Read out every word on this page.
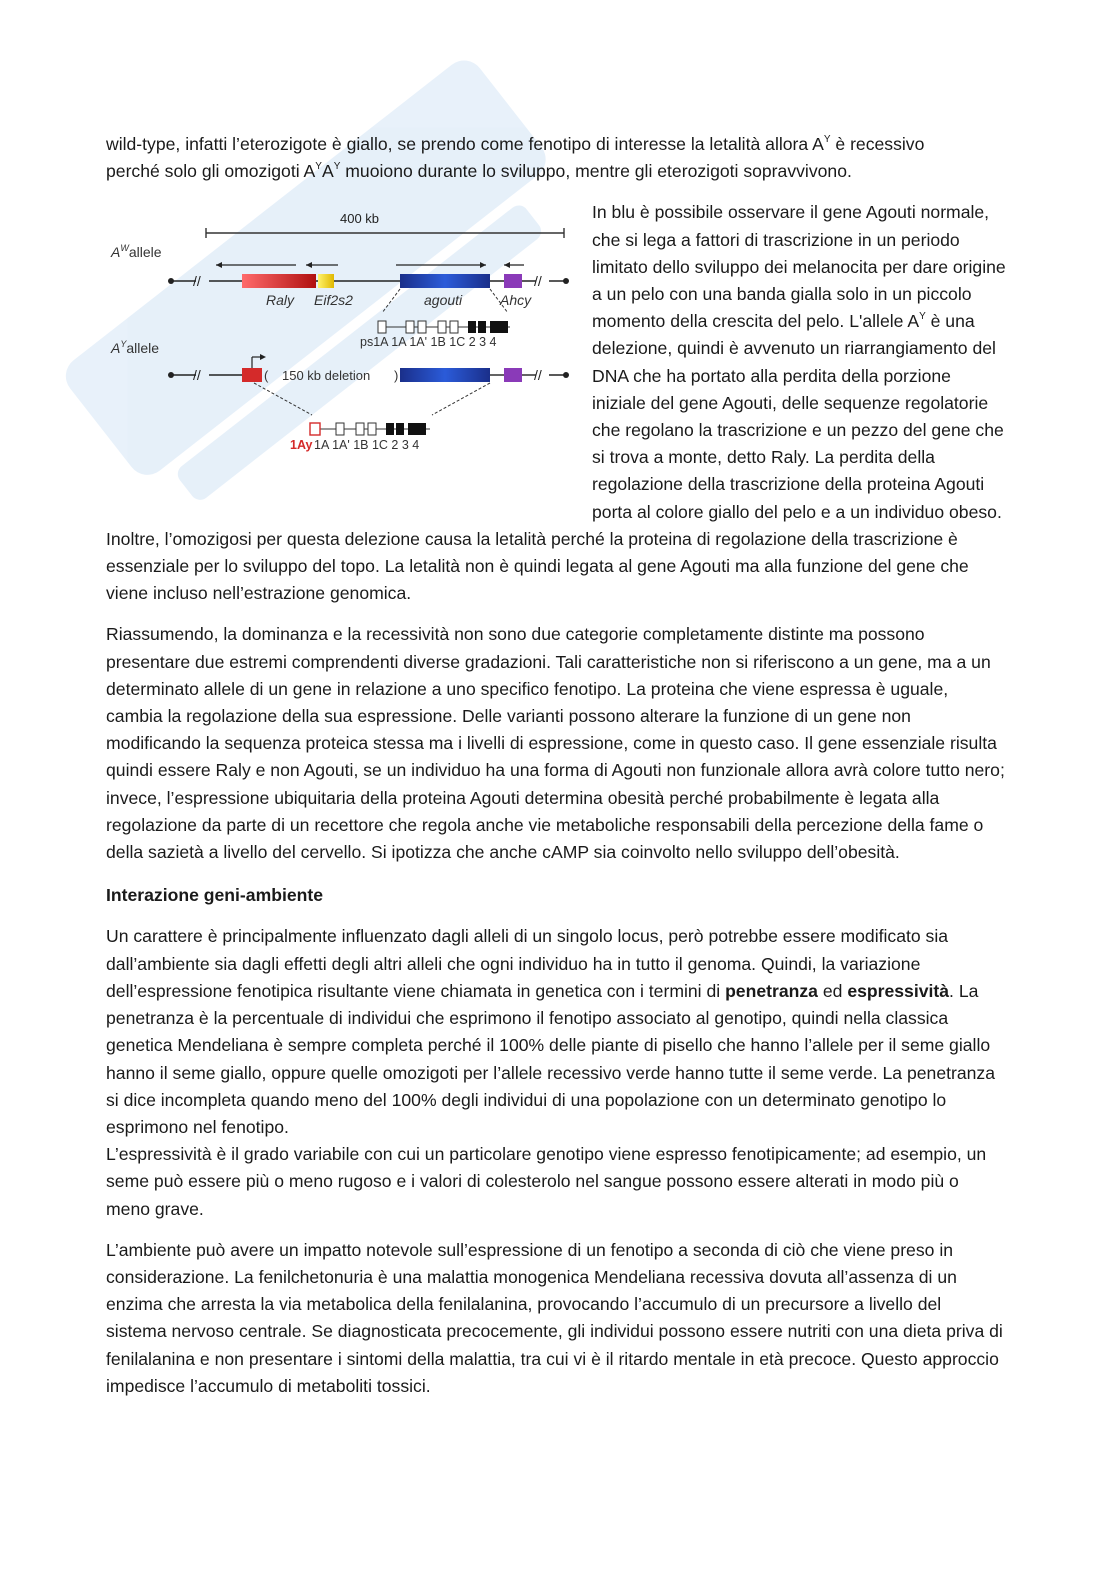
wild-type, infatti l’eterozigote è giallo, se prendo come fenotipo di interesse la letalità allora $A^Y$ è recessivo
perché solo gli omozigoti $A^YA^Y$ muoiono durante lo sviluppo, mentre gli eterozigoti sopravvivono.

400 kb
$A^Wallele$
//	//
Raly Eif2s2	agouti	Ahcy
ps1A 1A 1A' 1B 1C 2 3 4
$A^Yallele$
//	( 150 kb deletion )	//
1Ay 1A 1A' 1B 1C 2 3 4

In blu è possibile osservare il gene Agouti normale, che si lega a fattori di trascrizione in un periodo limitato dello sviluppo dei melanocita per dare origine a un pelo con una banda gialla solo in un piccolo momento della crescita del pelo. L'allele $A^Y$ è una delezione, quindi è avvenuto un riarrangiamento del DNA che ha portato alla perdita della porzione iniziale del gene Agouti, delle sequenze regolatorie che regolano la trascrizione e un pezzo del gene che si trova a monte, detto Raly. La perdita della regolazione della trascrizione della proteina Agouti porta al colore giallo del pelo e a un individuo obeso. Inoltre, l’omozigosi per questa delezione causa la letalità perché la proteina di regolazione della trascrizione è essenziale per lo sviluppo del topo. La letalità non è quindi legata al gene Agouti ma alla funzione del gene che viene incluso nell’estrazione genomica.

Riassumendo, la dominanza e la recessività non sono due categorie completamente distinte ma possono presentare due estremi comprendenti diverse gradazioni. Tali caratteristiche non si riferiscono a un gene, ma a un determinato allele di un gene in relazione a uno specifico fenotipo. La proteina che viene espressa è uguale, cambia la regolazione della sua espressione. Delle varianti possono alterare la funzione di un gene non modificando la sequenza proteica stessa ma i livelli di espressione, come in questo caso. Il gene essenziale risulta quindi essere Raly e non Agouti, se un individuo ha una forma di Agouti non funzionale allora avrà colore tutto nero; invece, l’espressione ubiquitaria della proteina Agouti determina obesità perché probabilmente è legata alla regolazione da parte di un recettore che regola anche vie metaboliche responsabili della percezione della fame o della sazietà a livello del cervello. Si ipotizza che anche cAMP sia coinvolto nello sviluppo dell’obesità.

Interazione geni-ambiente

Un carattere è principalmente influenzato dagli alleli di un singolo locus, però potrebbe essere modificato sia dall’ambiente sia dagli effetti degli altri alleli che ogni individuo ha in tutto il genoma. Quindi, la variazione dell’espressione fenotipica risultante viene chiamata in genetica con i termini di penetranza ed espressività. La penetranza è la percentuale di individui che esprimono il fenotipo associato al genotipo, quindi nella classica genetica Mendeliana è sempre completa perché il 100% delle piante di pisello che hanno l’allele per il seme giallo hanno il seme giallo, oppure quelle omozigoti per l’allele recessivo verde hanno tutte il seme verde. La penetranza si dice incompleta quando meno del 100% degli individui di una popolazione con un determinato genotipo lo esprimono nel fenotipo.

L’espressività è il grado variabile con cui un particolare genotipo viene espresso fenotipicamente; ad esempio, un seme può essere più o meno rugoso e i valori di colesterolo nel sangue possono essere alterati in modo più o meno grave.

L’ambiente può avere un impatto notevole sull’espressione di un fenotipo a seconda di ciò che viene preso in considerazione. La fenilchetonuria è una malattia monogenica Mendeliana recessiva dovuta all’assenza di un enzima che arresta la via metabolica della fenilalanina, provocando l’accumulo di un precursore a livello del sistema nervoso centrale. Se diagnosticata precocemente, gli individui possono essere nutriti con una dieta priva di fenilalanina e non presentare i sintomi della malattia, tra cui vi è il ritardo mentale in età precoce. Questo approccio impedisce l’accumulo di metaboliti tossici.
